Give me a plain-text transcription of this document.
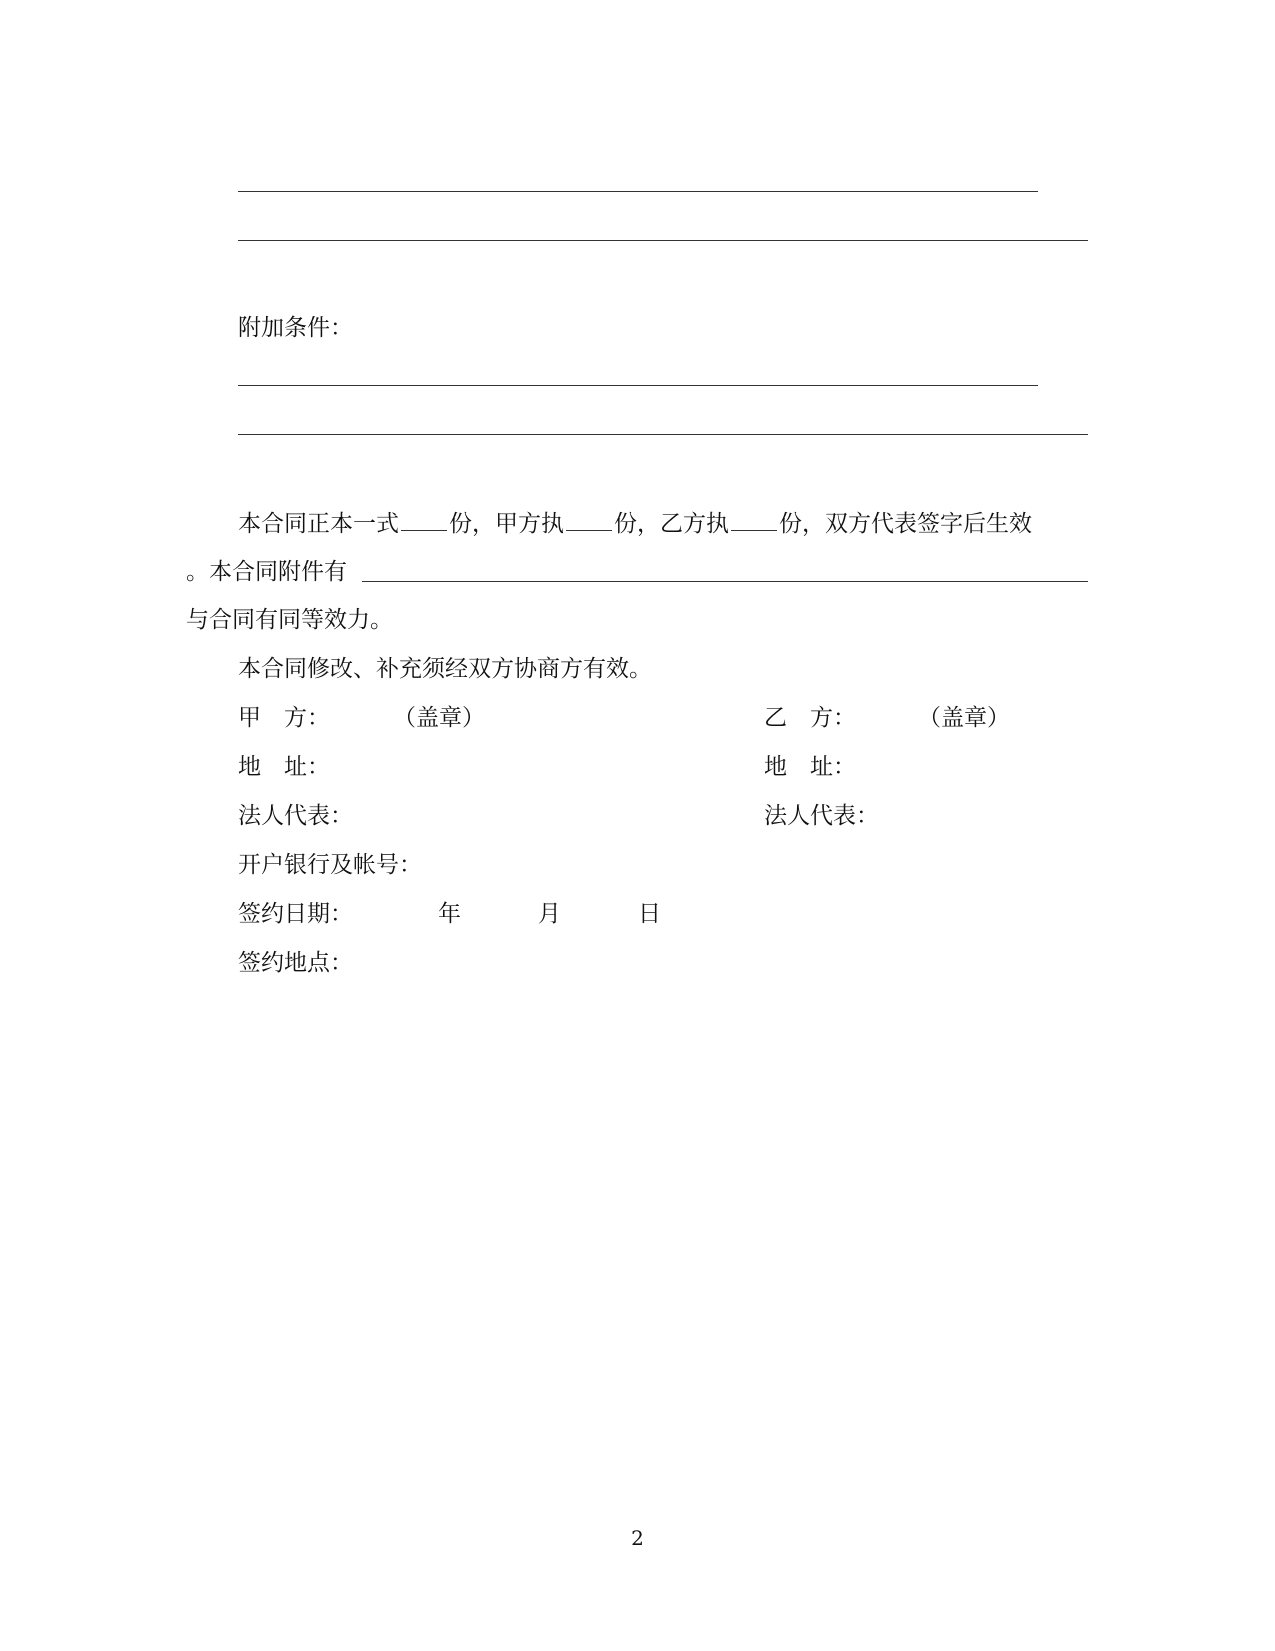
附加条件：
本合同正本一式 份，甲方执 份，乙方执 份，双方代表签字后生效
。本合同附件有
与合同有同等效力。
本合同修改、补充须经双方协商方有效。
甲　方：	（盖章）	乙　方：	（盖章）
地　址：	地　址：
法人代表：	法人代表：
开户银行及帐号：
签约日期：	年	月	日
签约地点：
2
